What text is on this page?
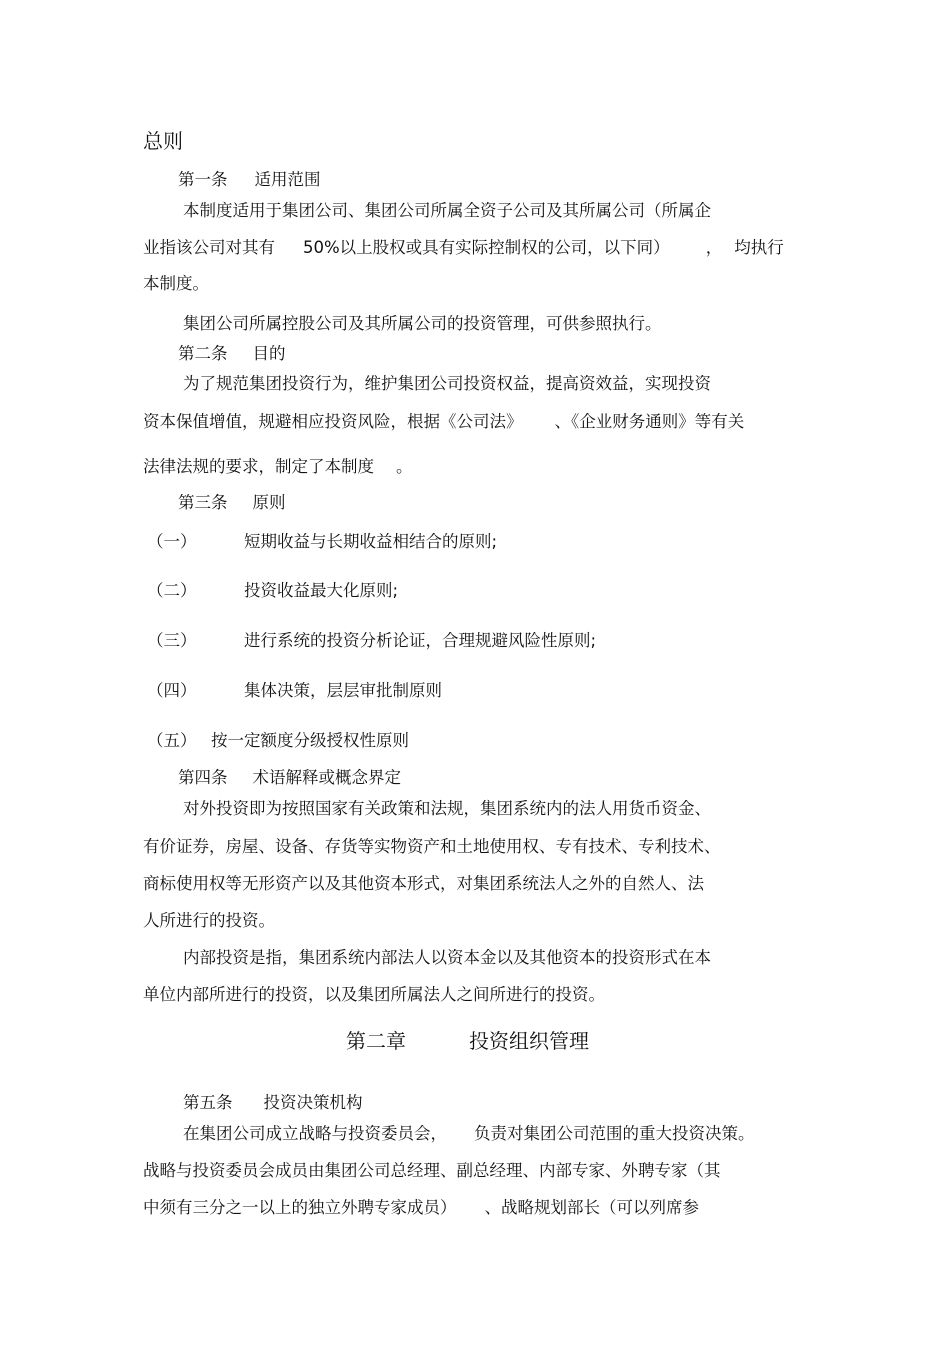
总则
第一条 适用范围
本制度适用于集团公司、集团公司所属全资子公司及其所属公司（所属企
业指该公司对其有 50%以上股权或具有实际控制权的公司，以下同） ， 均执行
本制度。
集团公司所属控股公司及其所属公司的投资管理，可供参照执行。
第二条 目的
为了规范集团投资行为，维护集团公司投资权益，提高资效益，实现投资
资本保值增值，规避相应投资风险，根据《公司法》 、《企业财务通则》等有关
法律法规的要求，制定了本制度 。
第三条 原则
（一）	短期收益与长期收益相结合的原则;
（二）	投资收益最大化原则;
（三）	进行系统的投资分析论证，合理规避风险性原则;
（四）	集体决策，层层审批制原则
（五） 按一定额度分级授权性原则
第四条 术语解释或概念界定
对外投资即为按照国家有关政策和法规，集团系统内的法人用货币资金、
有价证券，房屋、设备、存货等实物资产和土地使用权、专有技术、专利技术、
商标使用权等无形资产以及其他资本形式，对集团系统法人之外的自然人、法
人所进行的投资。
内部投资是指，集团系统内部法人以资本金以及其他资本的投资形式在本
单位内部所进行的投资，以及集团所属法人之间所进行的投资。
第二章	投资组织管理
第五条 投资决策机构
在集团公司成立战略与投资委员会， 负责对集团公司范围的重大投资决策。
战略与投资委员会成员由集团公司总经理、副总经理、内部专家、外聘专家（其
中须有三分之一以上的独立外聘专家成员） 、战略规划部长（可以列席参
